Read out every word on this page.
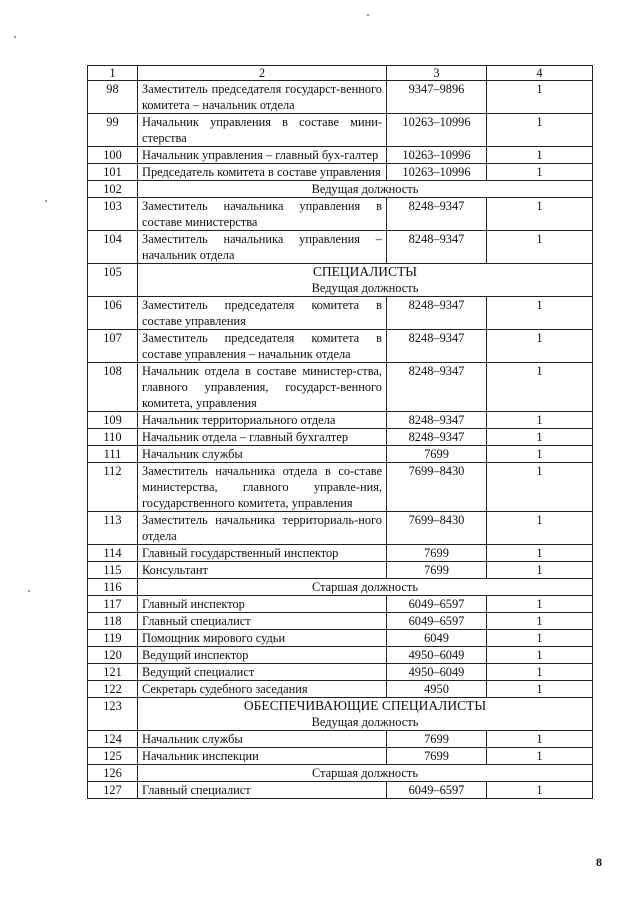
1	2	3	4
98	Заместитель председателя государст-венного комитета – начальник отдела	9347–9896	1
99	Начальник управления в составе мини-стерства	10263–10996	1
100	Начальник управления – главный бух-галтер	10263–10996	1
101	Председатель комитета в составе управления	10263–10996	1
102	Ведущая должность		

103	Заместитель начальника управления в составе министерства	8248–9347	1
104	Заместитель начальника управления – начальник отдела	8248–9347	1
105	СПЕЦИАЛИСТЫ
Ведущая должность		

106	Заместитель председателя комитета в составе управления	8248–9347	1
107	Заместитель председателя комитета в составе управления – начальник отдела	8248–9347	1
108	Начальник отдела в составе министер-ства, главного управления, государст-венного комитета, управления	8248–9347	1
109	Начальник территориального отдела	8248–9347	1
110	Начальник отдела – главный бухгалтер	8248–9347	1
111	Начальник службы	7699	1
112	Заместитель начальника отдела в со-ставе министерства, главного управле-ния, государственного комитета, управления	7699–8430	1
113	Заместитель начальника территориаль-ного отдела	7699–8430	1
114	Главный государственный инспектор	7699	1
115	Консультант	7699	1
116	Старшая должность		

117	Главный инспектор	6049–6597	1
118	Главный специалист	6049–6597	1
119	Помощник мирового судьи	6049	1
120	Ведущий инспектор	4950–6049	1
121	Ведущий специалист	4950–6049	1
122	Секретарь судебного заседания	4950	1
123	ОБЕСПЕЧИВАЮЩИЕ СПЕЦИАЛИСТЫ
Ведущая должность		

124	Начальник службы	7699	1
125	Начальник инспекции	7699	1
126	Старшая должность		

127	Главный специалист	6049–6597	1
8
